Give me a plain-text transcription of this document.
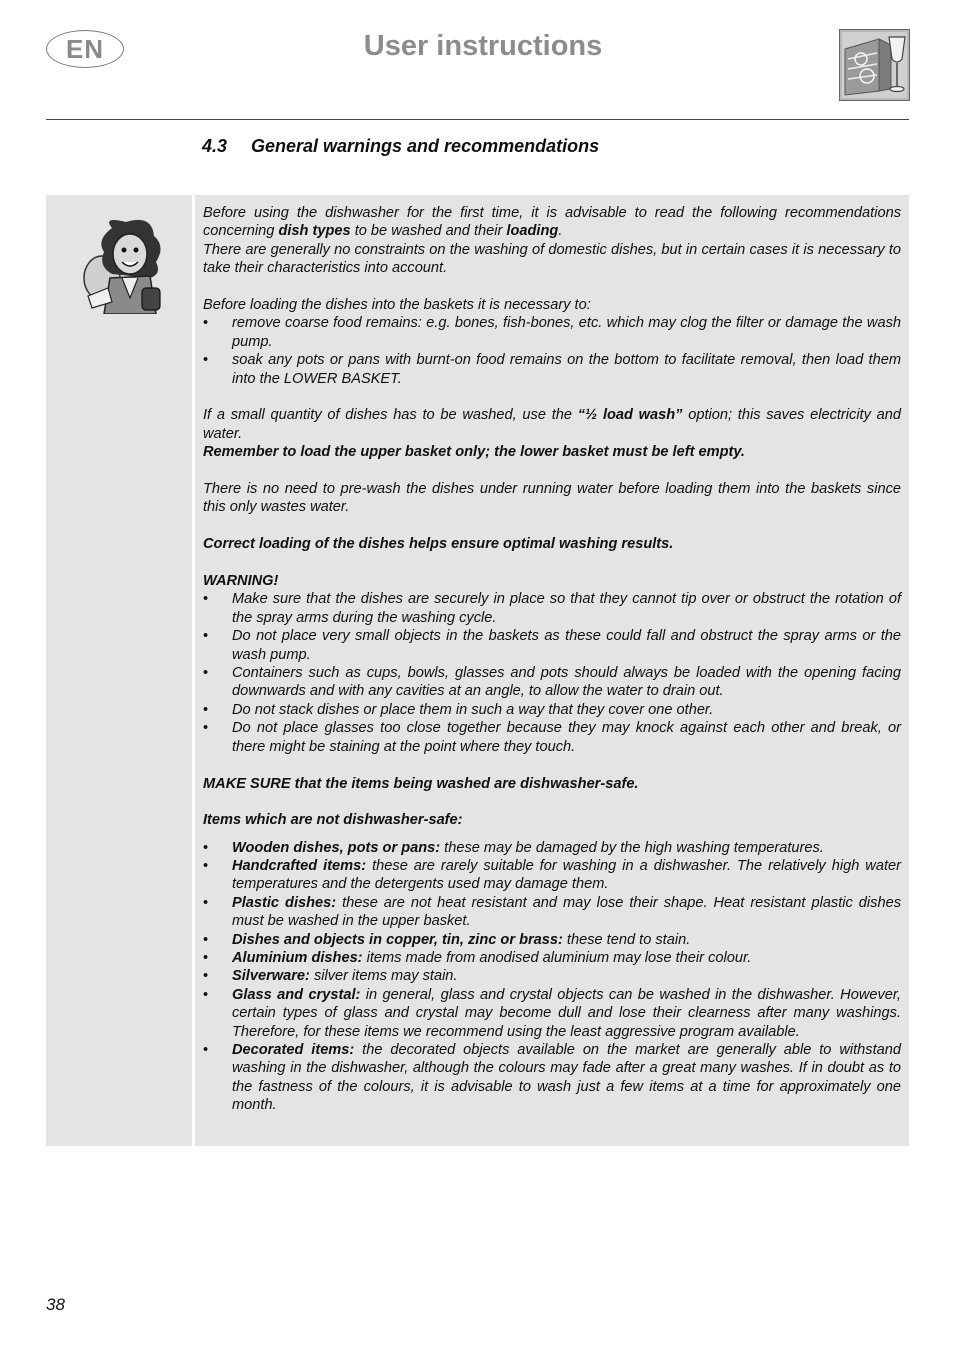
EN	User instructions
4.3 General warnings and recommendations

Before using the dishwasher for the first time, it is advisable to read the following recommendations concerning dish types to be washed and their loading.

There are generally no constraints on the washing of domestic dishes, but in certain cases it is necessary to take their characteristics into account.

Before loading the dishes into the baskets it is necessary to:

• remove coarse food remains: e.g. bones, fish-bones, etc. which may clog the filter or damage the wash pump.
• soak any pots or pans with burnt-on food remains on the bottom to facilitate removal, then load them into the LOWER BASKET.

If a small quantity of dishes has to be washed, use the “½ load wash” option; this saves electricity and water.

Remember to load the upper basket only; the lower basket must be left empty.

There is no need to pre-wash the dishes under running water before loading them into the baskets since this only wastes water.

Correct loading of the dishes helps ensure optimal washing results.

WARNING!

• Make sure that the dishes are securely in place so that they cannot tip over or obstruct the rotation of the spray arms during the washing cycle.
• Do not place very small objects in the baskets as these could fall and obstruct the spray arms or the wash pump.
• Containers such as cups, bowls, glasses and pots should always be loaded with the opening facing downwards and with any cavities at an angle, to allow the water to drain out.
• Do not stack dishes or place them in such a way that they cover one other.
• Do not place glasses too close together because they may knock against each other and break, or there might be staining at the point where they touch.

MAKE SURE that the items being washed are dishwasher-safe.

Items which are not dishwasher-safe:

• Wooden dishes, pots or pans: these may be damaged by the high washing temperatures.
• Handcrafted items: these are rarely suitable for washing in a dishwasher. The relatively high water temperatures and the detergents used may damage them.
• Plastic dishes: these are not heat resistant and may lose their shape. Heat resistant plastic dishes must be washed in the upper basket.
• Dishes and objects in copper, tin, zinc or brass: these tend to stain.
• Aluminium dishes: items made from anodised aluminium may lose their colour.
• Silverware: silver items may stain.
• Glass and crystal: in general, glass and crystal objects can be washed in the dishwasher. However, certain types of glass and crystal may become dull and lose their clearness after many washings. Therefore, for these items we recommend using the least aggressive program available.
• Decorated items: the decorated objects available on the market are generally able to withstand washing in the dishwasher, although the colours may fade after a great many washes. If in doubt as to the fastness of the colours, it is advisable to wash just a few items at a time for approximately one month.
38
